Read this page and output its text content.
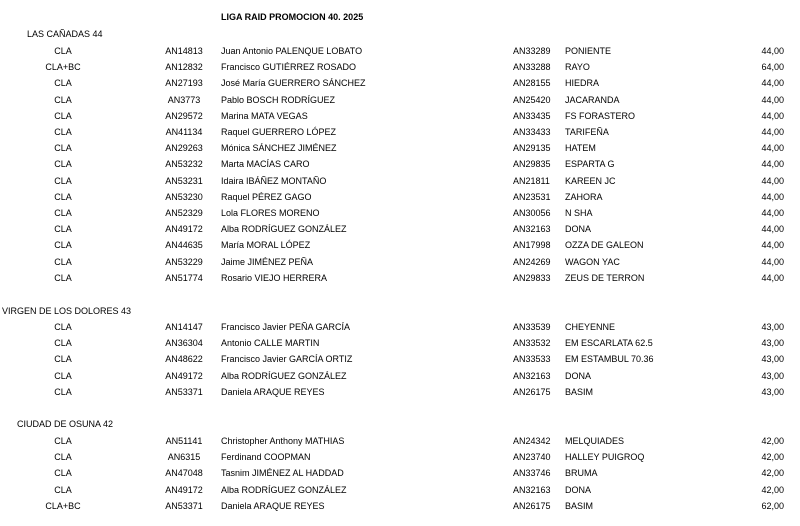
LIGA RAID PROMOCION 40. 2025
LAS CAÑADAS 44
CLA	AN14813	Juan Antonio PALENQUE LOBATO	AN33289 PONIENTE	44,00
CLA+BC	AN12832	Francisco GUTIÉRREZ ROSADO	AN33288 RAYO	64,00
CLA	AN27193	José María GUERRERO SÁNCHEZ	AN28155 HIEDRA	44,00
CLA	AN3773	Pablo BOSCH RODRÍGUEZ	AN25420 JACARANDA	44,00
CLA	AN29572	Marina MATA VEGAS	AN33435 FS FORASTERO	44,00
CLA	AN41134	Raquel GUERRERO LÓPEZ	AN33433 TARIFEÑA	44,00
CLA	AN29263	Mónica SÁNCHEZ JIMÉNEZ	AN29135 HATEM	44,00
CLA	AN53232	Marta MACÍAS CARO	AN29835 ESPARTA G	44,00
CLA	AN53231	Idaira IBÁÑEZ MONTAÑO	AN21811 KAREEN JC	44,00
CLA	AN53230	Raquel PÉREZ GAGO	AN23531 ZAHORA	44,00
CLA	AN52329	Lola FLORES MORENO	AN30056 N SHA	44,00
CLA	AN49172	Alba RODRÍGUEZ GONZÁLEZ	AN32163 DONA	44,00
CLA	AN44635	María MORAL LÓPEZ	AN17998 OZZA DE GALEON	44,00
CLA	AN53229	Jaime JIMÉNEZ PEÑA	AN24269 WAGON YAC	44,00
CLA	AN51774	Rosario VIEJO HERRERA	AN29833 ZEUS DE TERRON	44,00
VIRGEN DE LOS DOLORES 43
CLA	AN14147	Francisco Javier PEÑA GARCÍA	AN33539 CHEYENNE	43,00
CLA	AN36304	Antonio CALLE MARTIN	AN33532 EM ESCARLATA 62.5	43,00
CLA	AN48622	Francisco Javier GARCÍA ORTIZ	AN33533 EM ESTAMBUL 70.36	43,00
CLA	AN49172	Alba RODRÍGUEZ GONZÁLEZ	AN32163 DONA	43,00
CLA	AN53371	Daniela ARAQUE REYES	AN26175 BASIM	43,00
CIUDAD DE OSUNA 42
CLA	AN51141	Christopher Anthony MATHIAS	AN24342 MELQUIADES	42,00
CLA	AN6315	Ferdinand COOPMAN	AN23740 HALLEY PUIGROQ	42,00
CLA	AN47048	Tasnim JIMÉNEZ AL HADDAD	AN33746 BRUMA	42,00
CLA	AN49172	Alba RODRÍGUEZ GONZÁLEZ	AN32163 DONA	42,00
CLA+BC	AN53371	Daniela ARAQUE REYES	AN26175 BASIM	62,00
